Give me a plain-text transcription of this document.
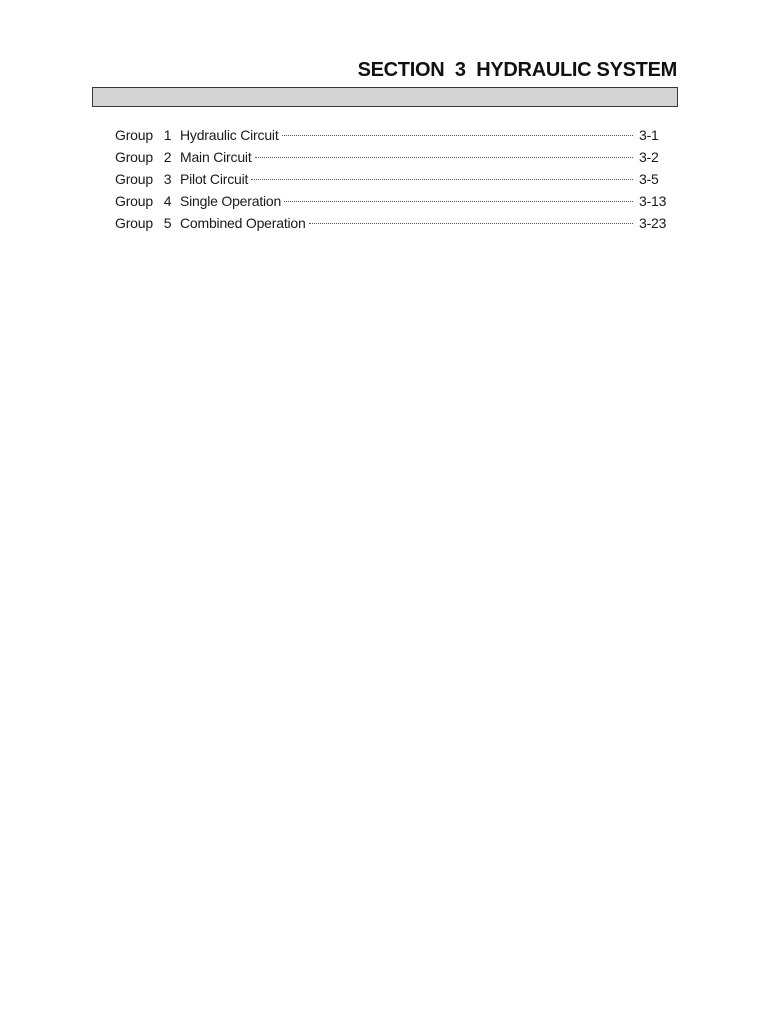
SECTION  3  HYDRAULIC SYSTEM
Group 1 Hydraulic Circuit	3-1
Group 2 Main Circuit	3-2
Group 3 Pilot Circuit	3-5
Group 4 Single Operation	3-13
Group 5 Combined Operation	3-23
